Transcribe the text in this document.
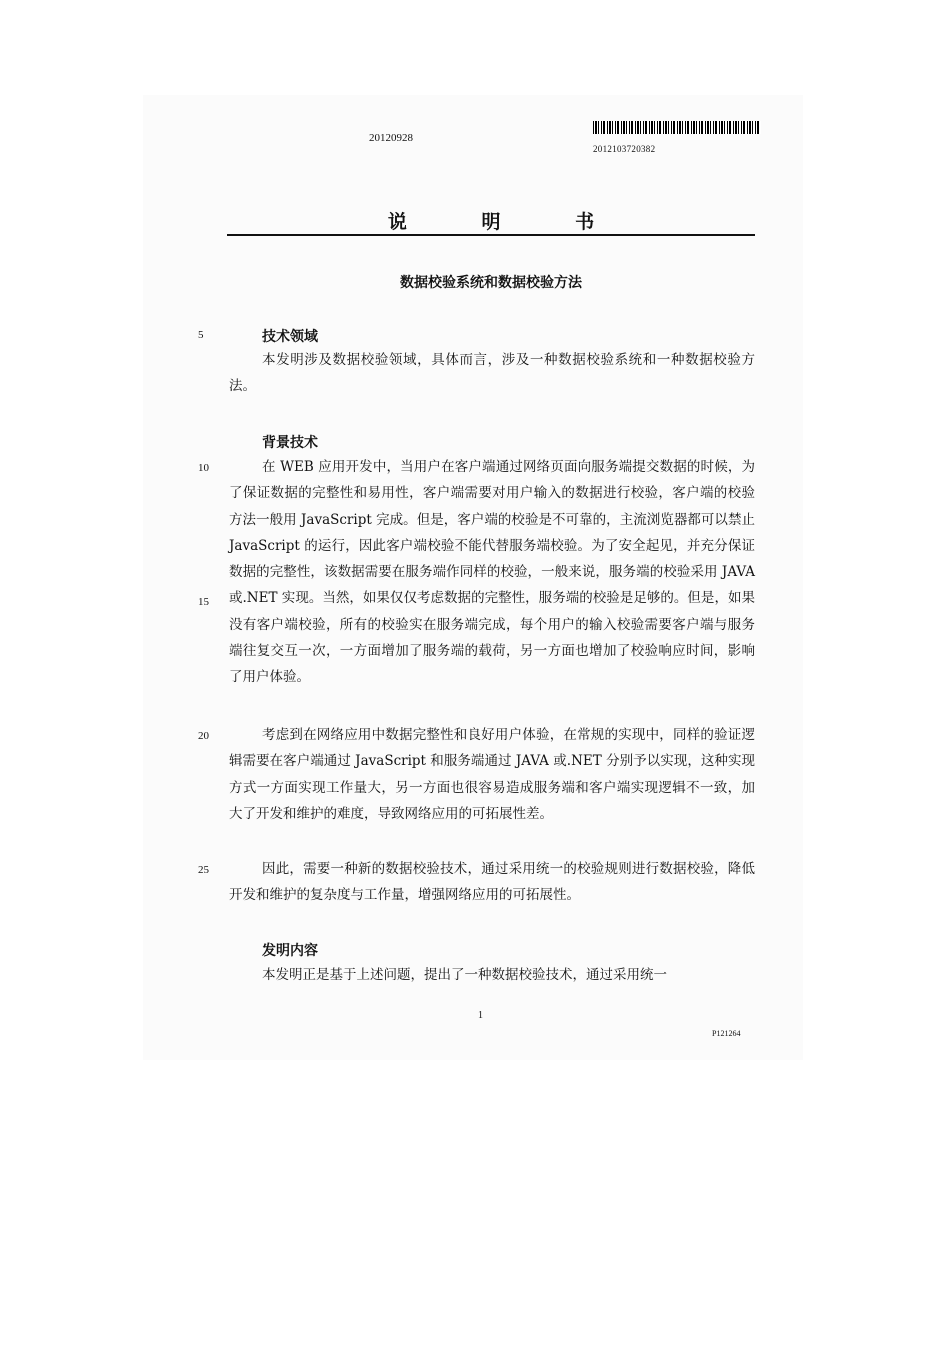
20120928
2012103720382
说 明 书
数据校验系统和数据校验方法
5
10
15
20
25
技术领域

本发明涉及数据校验领域，具体而言，涉及一种数据校验系统和一种数据校验方法。

背景技术

在 WEB 应用开发中，当用户在客户端通过网络页面向服务端提交数据的时候，为了保证数据的完整性和易用性，客户端需要对用户输入的数据进行校验，客户端的校验方法一般用 JavaScript 完成。但是，客户端的校验是不可靠的，主流浏览器都可以禁止 JavaScript 的运行，因此客户端校验不能代替服务端校验。为了安全起见，并充分保证数据的完整性，该数据需要在服务端作同样的校验，一般来说，服务端的校验采用 JAVA 或.NET 实现。当然，如果仅仅考虑数据的完整性，服务端的校验是足够的。但是，如果没有客户端校验，所有的校验实在服务端完成，每个用户的输入校验需要客户端与服务端往复交互一次，一方面增加了服务端的载荷，另一方面也增加了校验响应时间，影响了用户体验。

考虑到在网络应用中数据完整性和良好用户体验，在常规的实现中，同样的验证逻辑需要在客户端通过 JavaScript 和服务端通过 JAVA 或.NET 分别予以实现，这种实现方式一方面实现工作量大，另一方面也很容易造成服务端和客户端实现逻辑不一致，加大了开发和维护的难度，导致网络应用的可拓展性差。

因此，需要一种新的数据校验技术，通过采用统一的校验规则进行数据校验，降低开发和维护的复杂度与工作量，增强网络应用的可拓展性。

发明内容

本发明正是基于上述问题，提出了一种数据校验技术，通过采用统一

1
P121264
